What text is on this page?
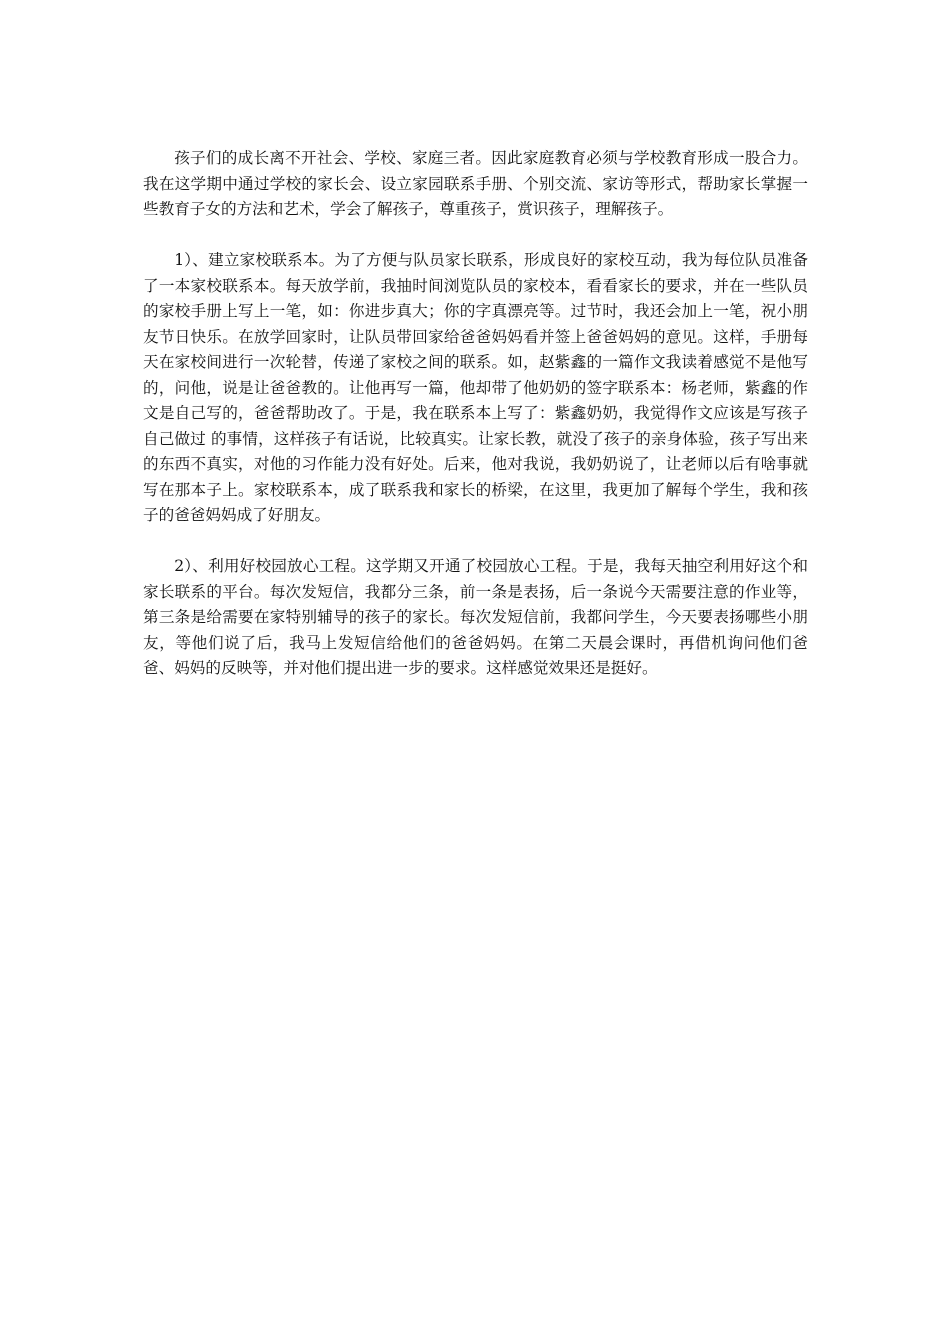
孩子们的成长离不开社会、学校、家庭三者。因此家庭教育必须与学校教育形成一股合力。我在这学期中通过学校的家长会、设立家园联系手册、个别交流、家访等形式，帮助家长掌握一些教育子女的方法和艺术，学会了解孩子，尊重孩子，赏识孩子，理解孩子。

1）、建立家校联系本。为了方便与队员家长联系，形成良好的家校互动，我为每位队员准备了一本家校联系本。每天放学前，我抽时间浏览队员的家校本，看看家长的要求，并在一些队员的家校手册上写上一笔，如：你进步真大；你的字真漂亮等。过节时，我还会加上一笔，祝小朋友节日快乐。在放学回家时，让队员带回家给爸爸妈妈看并签上爸爸妈妈的意见。这样，手册每天在家校间进行一次轮替，传递了家校之间的联系。如，赵紫鑫的一篇作文我读着感觉不是他写的，问他，说是让爸爸教的。让他再写一篇，他却带了他奶奶的签字联系本：杨老师，紫鑫的作文是自己写的，爸爸帮助改了。于是，我在联系本上写了：紫鑫奶奶，我觉得作文应该是写孩子自己做过 的事情，这样孩子有话说，比较真实。让家长教，就没了孩子的亲身体验，孩子写出来的东西不真实，对他的习作能力没有好处。后来，他对我说，我奶奶说了，让老师以后有啥事就写在那本子上。家校联系本，成了联系我和家长的桥梁，在这里，我更加了解每个学生，我和孩子的爸爸妈妈成了好朋友。

2）、利用好校园放心工程。这学期又开通了校园放心工程。于是，我每天抽空利用好这个和家长联系的平台。每次发短信，我都分三条，前一条是表扬，后一条说今天需要注意的作业等，第三条是给需要在家特别辅导的孩子的家长。每次发短信前，我都问学生，今天要表扬哪些小朋友，等他们说了后，我马上发短信给他们的爸爸妈妈。在第二天晨会课时，再借机询问他们爸爸、妈妈的反映等，并对他们提出进一步的要求。这样感觉效果还是挺好。
